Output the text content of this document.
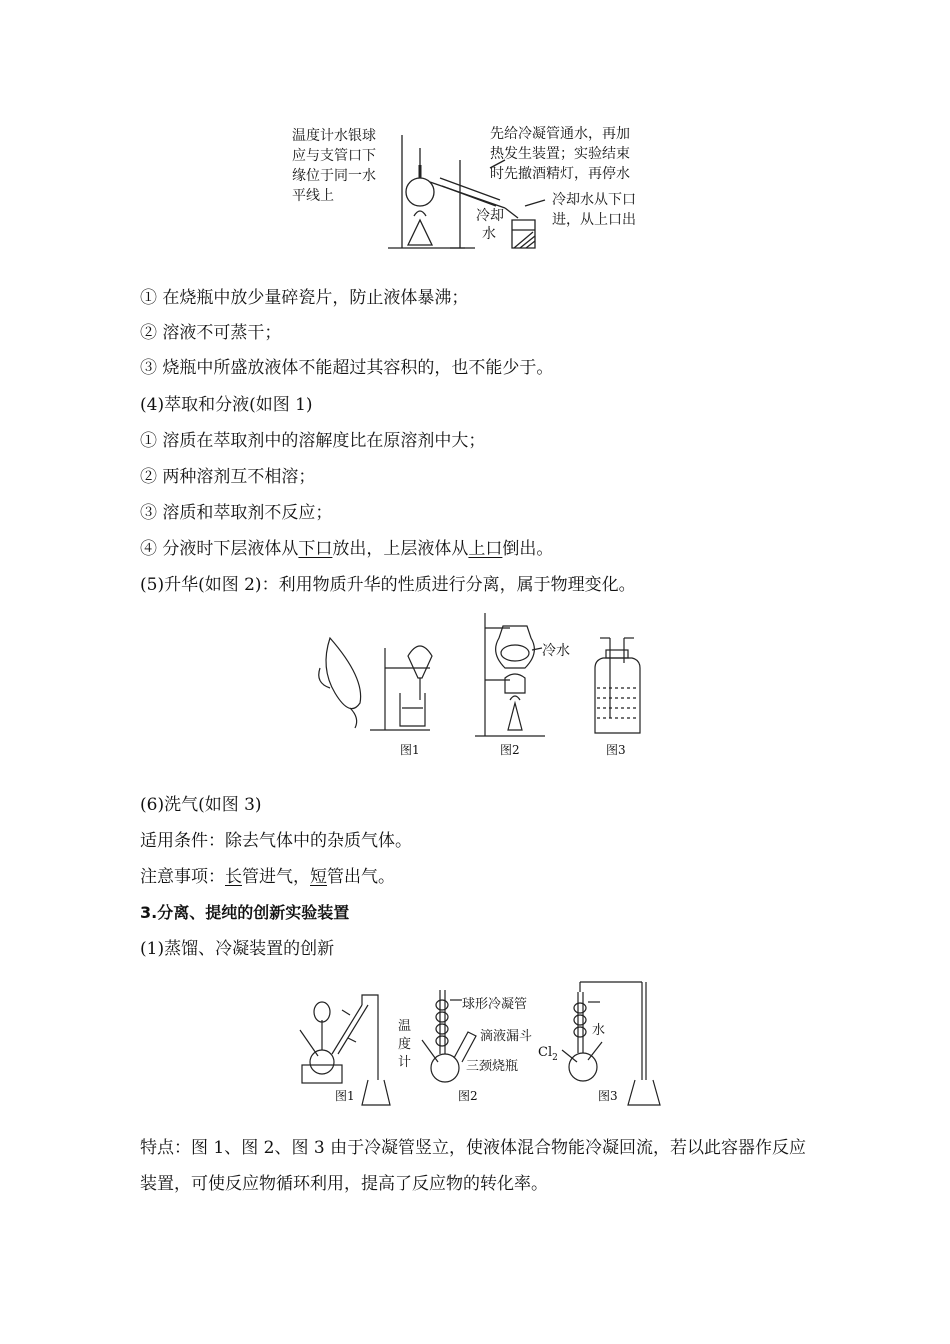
温度计水银球
应与支管口下
缘位于同一水
平线上
先给冷凝管通水，再加
热发生装置；实验结束
时先撤酒精灯，再停水
冷却
水
冷却水从下口
进，从上口出
① 在烧瓶中放少量碎瓷片，防止液体暴沸；
② 溶液不可蒸干；
③ 烧瓶中所盛放液体不能超过其容积的，也不能少于。
(4)萃取和分液(如图 1)
① 溶质在萃取剂中的溶解度比在原溶剂中大；
② 两种溶剂互不相溶；
③ 溶质和萃取剂不反应；
④ 分液时下层液体从下口放出，上层液体从上口倒出。
(5)升华(如图 2)：利用物质升华的性质进行分离，属于物理变化。
冷水
图1	图2	图3
(6)洗气(如图 3)
适用条件：除去气体中的杂质气体。
注意事项：长管进气，短管出气。
3.分离、提纯的创新实验装置
(1)蒸馏、冷凝装置的创新
温
度
计
球形冷凝管
滴液漏斗
三颈烧瓶
水
$Cl_2$
图1	图2	图3
特点：图 1、图 2、图 3 由于冷凝管竖立，使液体混合物能冷凝回流，若以此容器作反应装置，可使反应物循环利用，提高了反应物的转化率。
